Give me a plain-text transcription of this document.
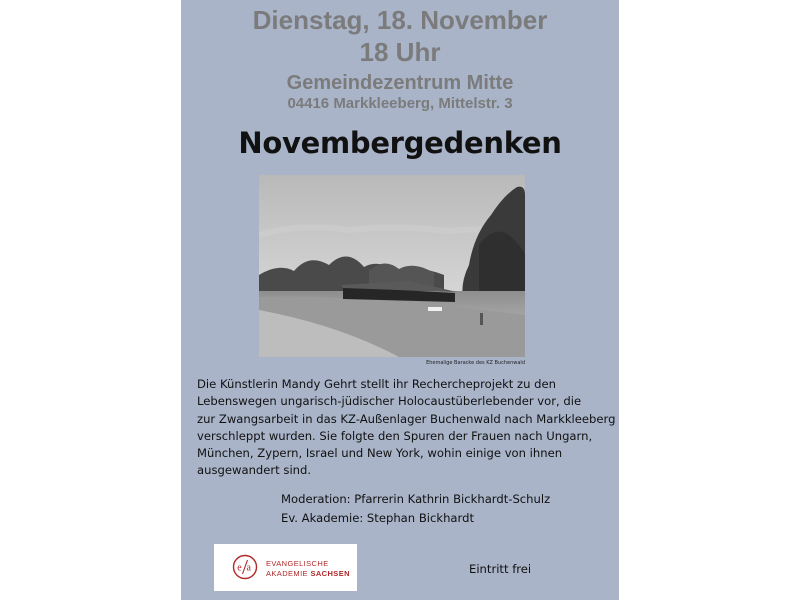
Dienstag, 18. November
18 Uhr
Gemeindezentrum Mitte
04416 Markkleeberg, Mittelstr. 3
Novembergedenken
Ehemalige Baracke des KZ Buchenwald
Die Künstlerin Mandy Gehrt stellt ihr Rechercheprojekt zu den
Lebenswegen ungarisch-jüdischer Holocaustüberlebender vor, die
zur Zwangsarbeit in das KZ-Außenlager Buchenwald nach Markkleeberg
verschleppt wurden. Sie folgte den Spuren der Frauen nach Ungarn,
München, Zypern, Israel und New York, wohin einige von ihnen
ausgewandert sind.
Moderation: Pfarrerin Kathrin Bickhardt-Schulz
Ev. Akademie: Stephan Bickhardt
e a EVANGELISCHE
AKADEMIE SACHSEN	Eintritt frei
